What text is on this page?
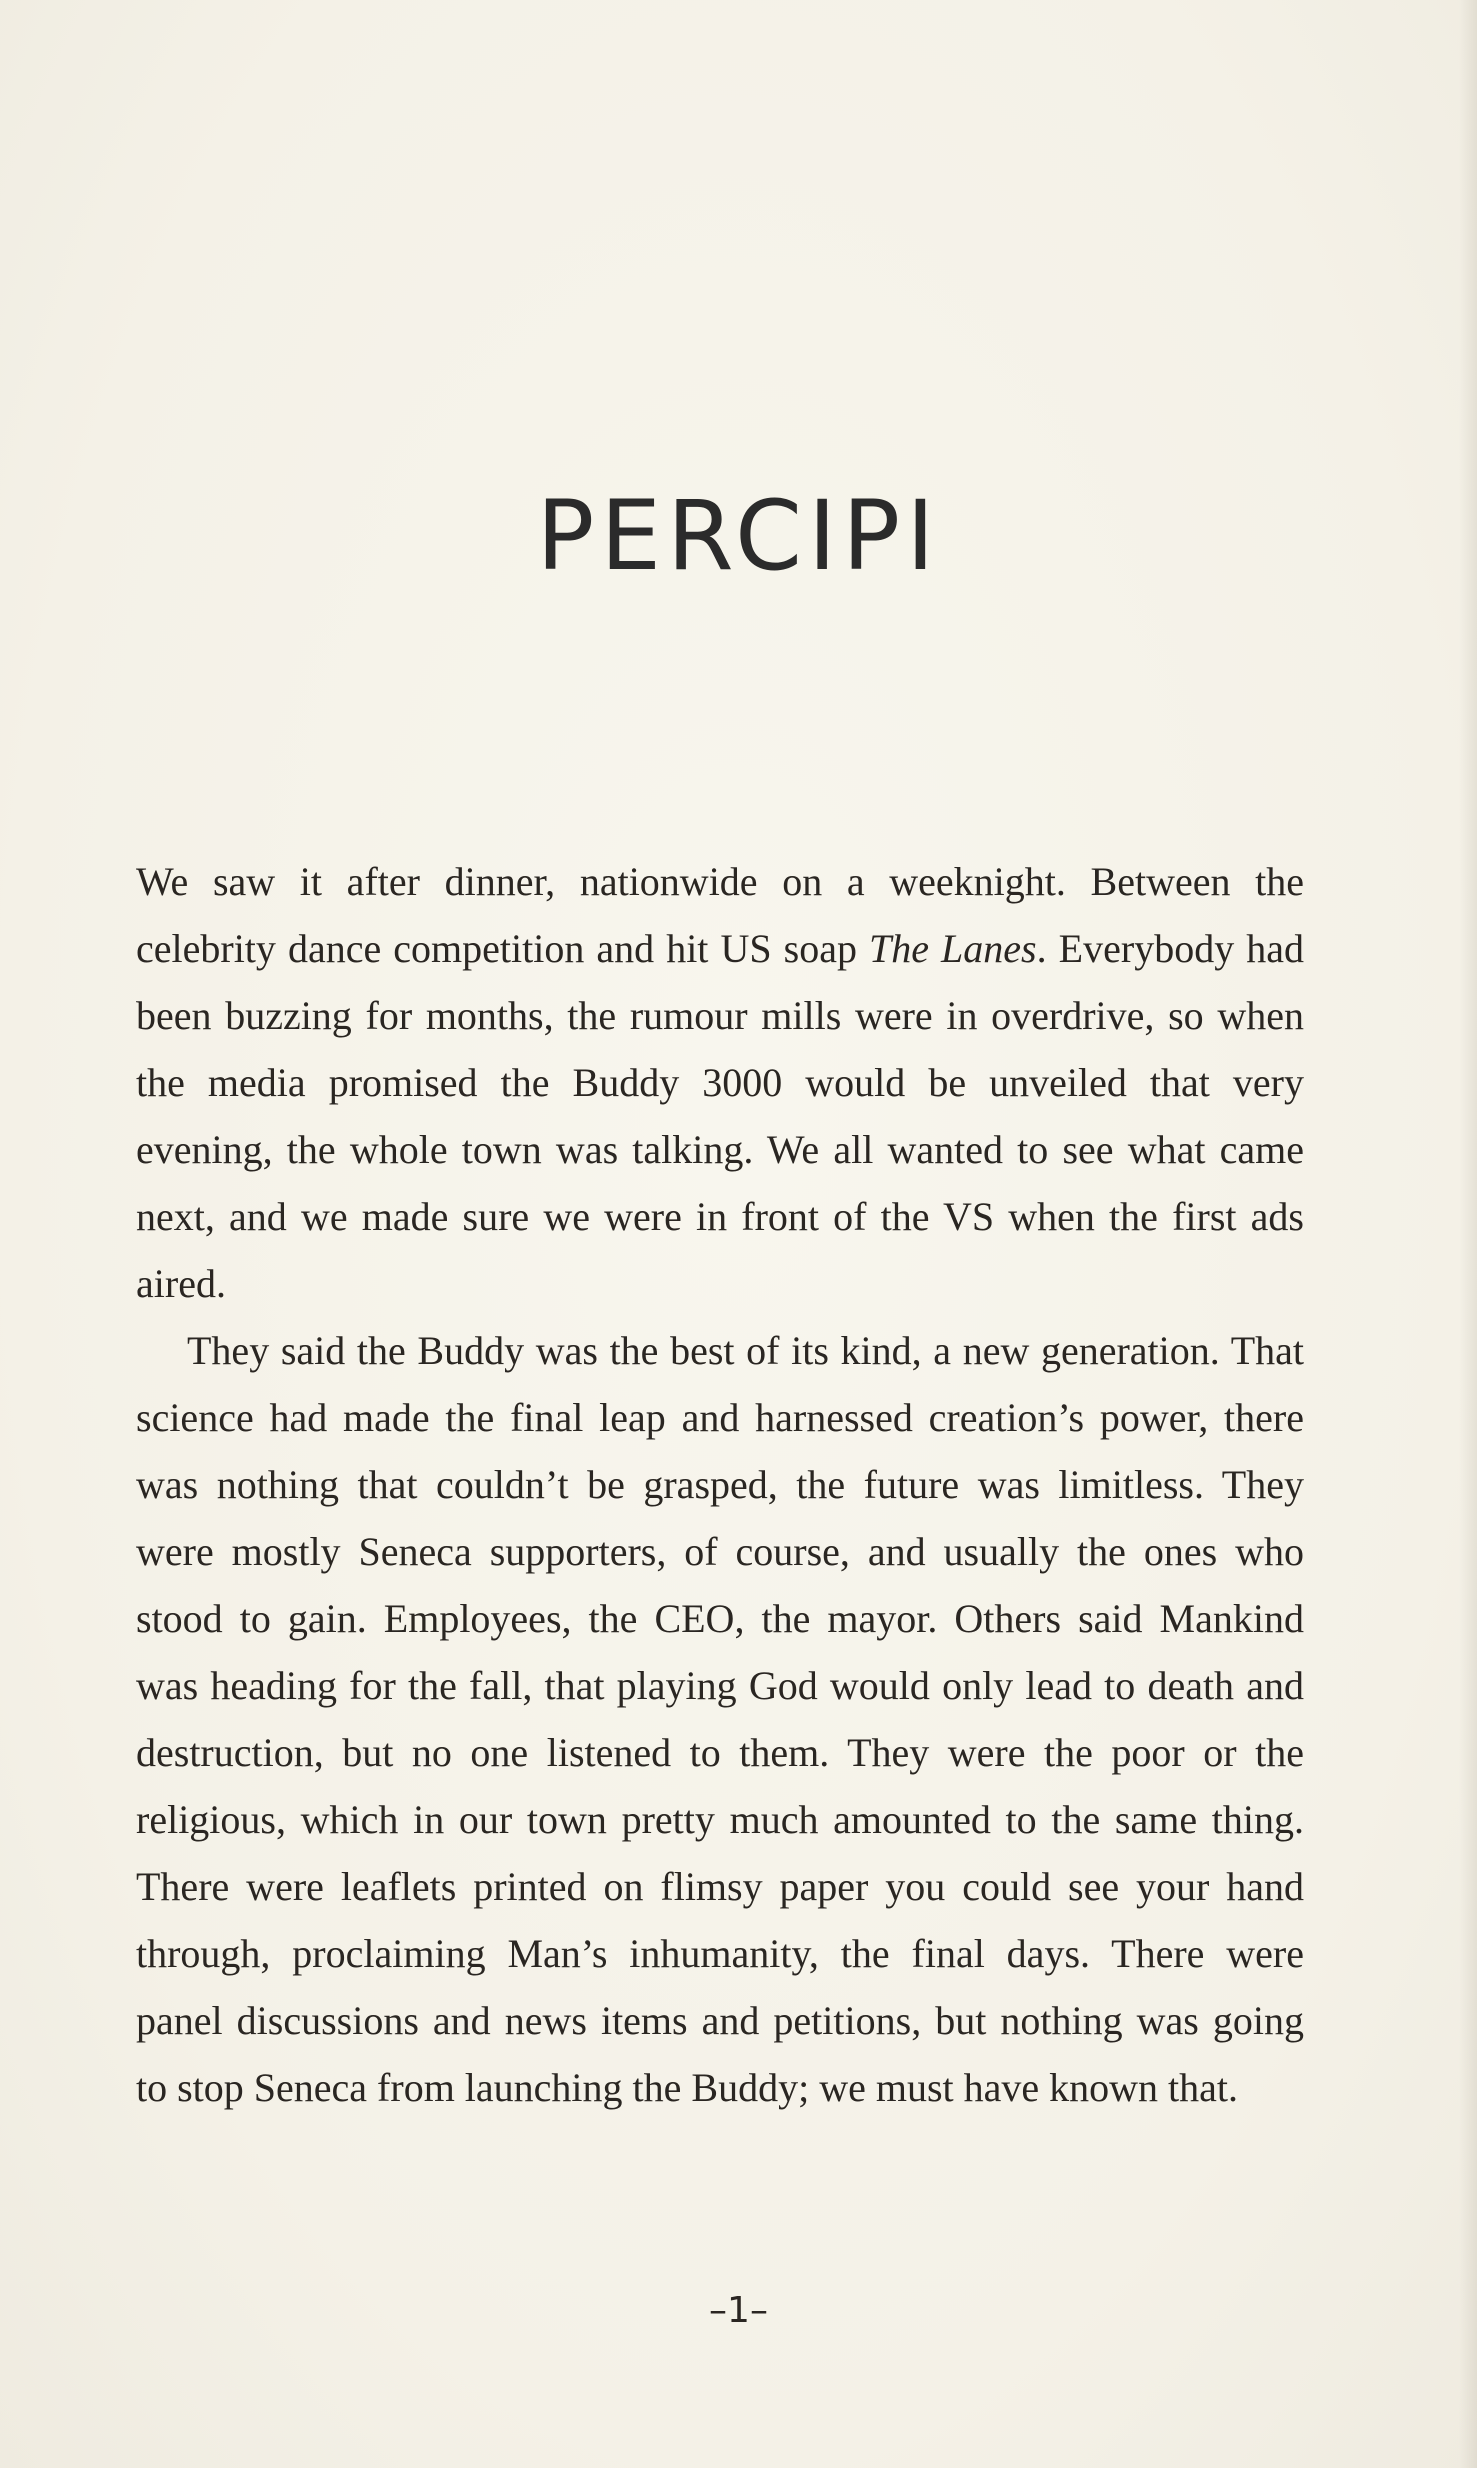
PERCIPI

We saw it after dinner, nationwide on a weeknight. Between the celebrity dance competition and hit US soap The Lanes. Everybody had been buzzing for months, the rumour mills were in overdrive, so when the media promised the Buddy 3000 would be unveiled that very evening, the whole town was talking. We all wanted to see what came next, and we made sure we were in front of the VS when the first ads aired.

They said the Buddy was the best of its kind, a new generation. That science had made the final leap and harnessed creation’s power, there was nothing that couldn’t be grasped, the future was limitless. They were mostly Seneca supporters, of course, and usually the ones who stood to gain. Employees, the CEO, the mayor. Others said Mankind was heading for the fall, that playing God would only lead to death and destruction, but no one listened to them. They were the poor or the religious, which in our town pretty much amounted to the same thing. There were leaflets printed on flimsy paper you could see your hand through, proclaiming Man’s inhumanity, the final days. There were panel discussions and news items and petitions, but nothing was going to stop Seneca from launching the Buddy; we must have known that.

–1–
